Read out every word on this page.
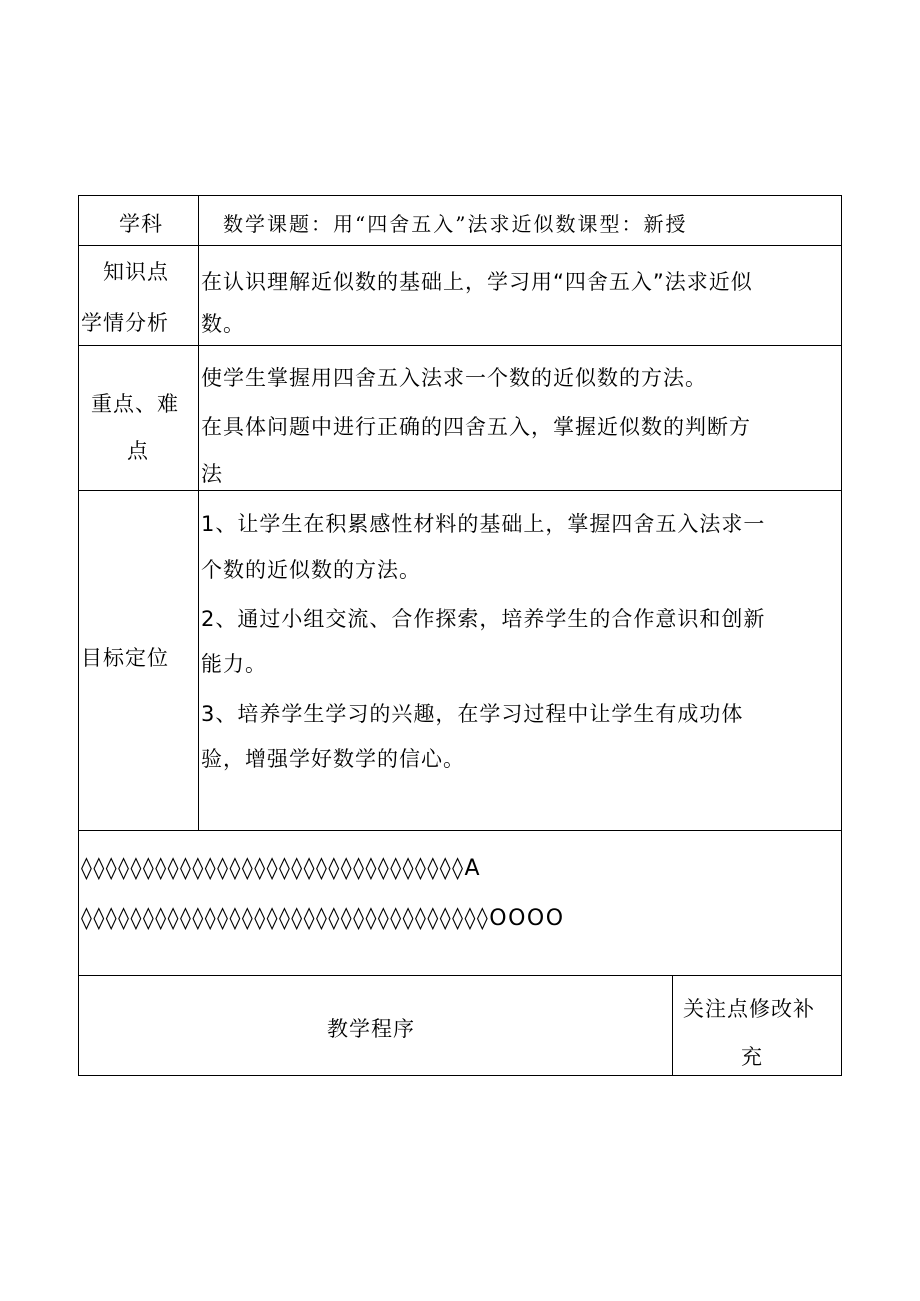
学科	数学课题：用“四舍五入”法求近似数课型：新授
知识点
学情分析
在认识理解近似数的基础上，学习用“四舍五入”法求近似
数。
重点、难
点
使学生掌握用四舍五入法求一个数的近似数的方法。
在具体问题中进行正确的四舍五入，掌握近似数的判断方
法
目标定位
1、让学生在积累感性材料的基础上，掌握四舍五入法求一
个数的近似数的方法。
2、通过小组交流、合作探索，培养学生的合作意识和创新
能力。
3、培养学生学习的兴趣，在学习过程中让学生有成功体
验，增强学好数学的信心。
◊◊◊◊◊◊◊◊◊◊◊◊◊◊◊◊◊◊◊◊◊◊◊◊◊◊◊◊◊◊◊A
◊◊◊◊◊◊◊◊◊◊◊◊◊◊◊◊◊◊◊◊◊◊◊◊◊◊◊◊◊◊◊◊◊OOOO
教学程序
关注点修改补
充
